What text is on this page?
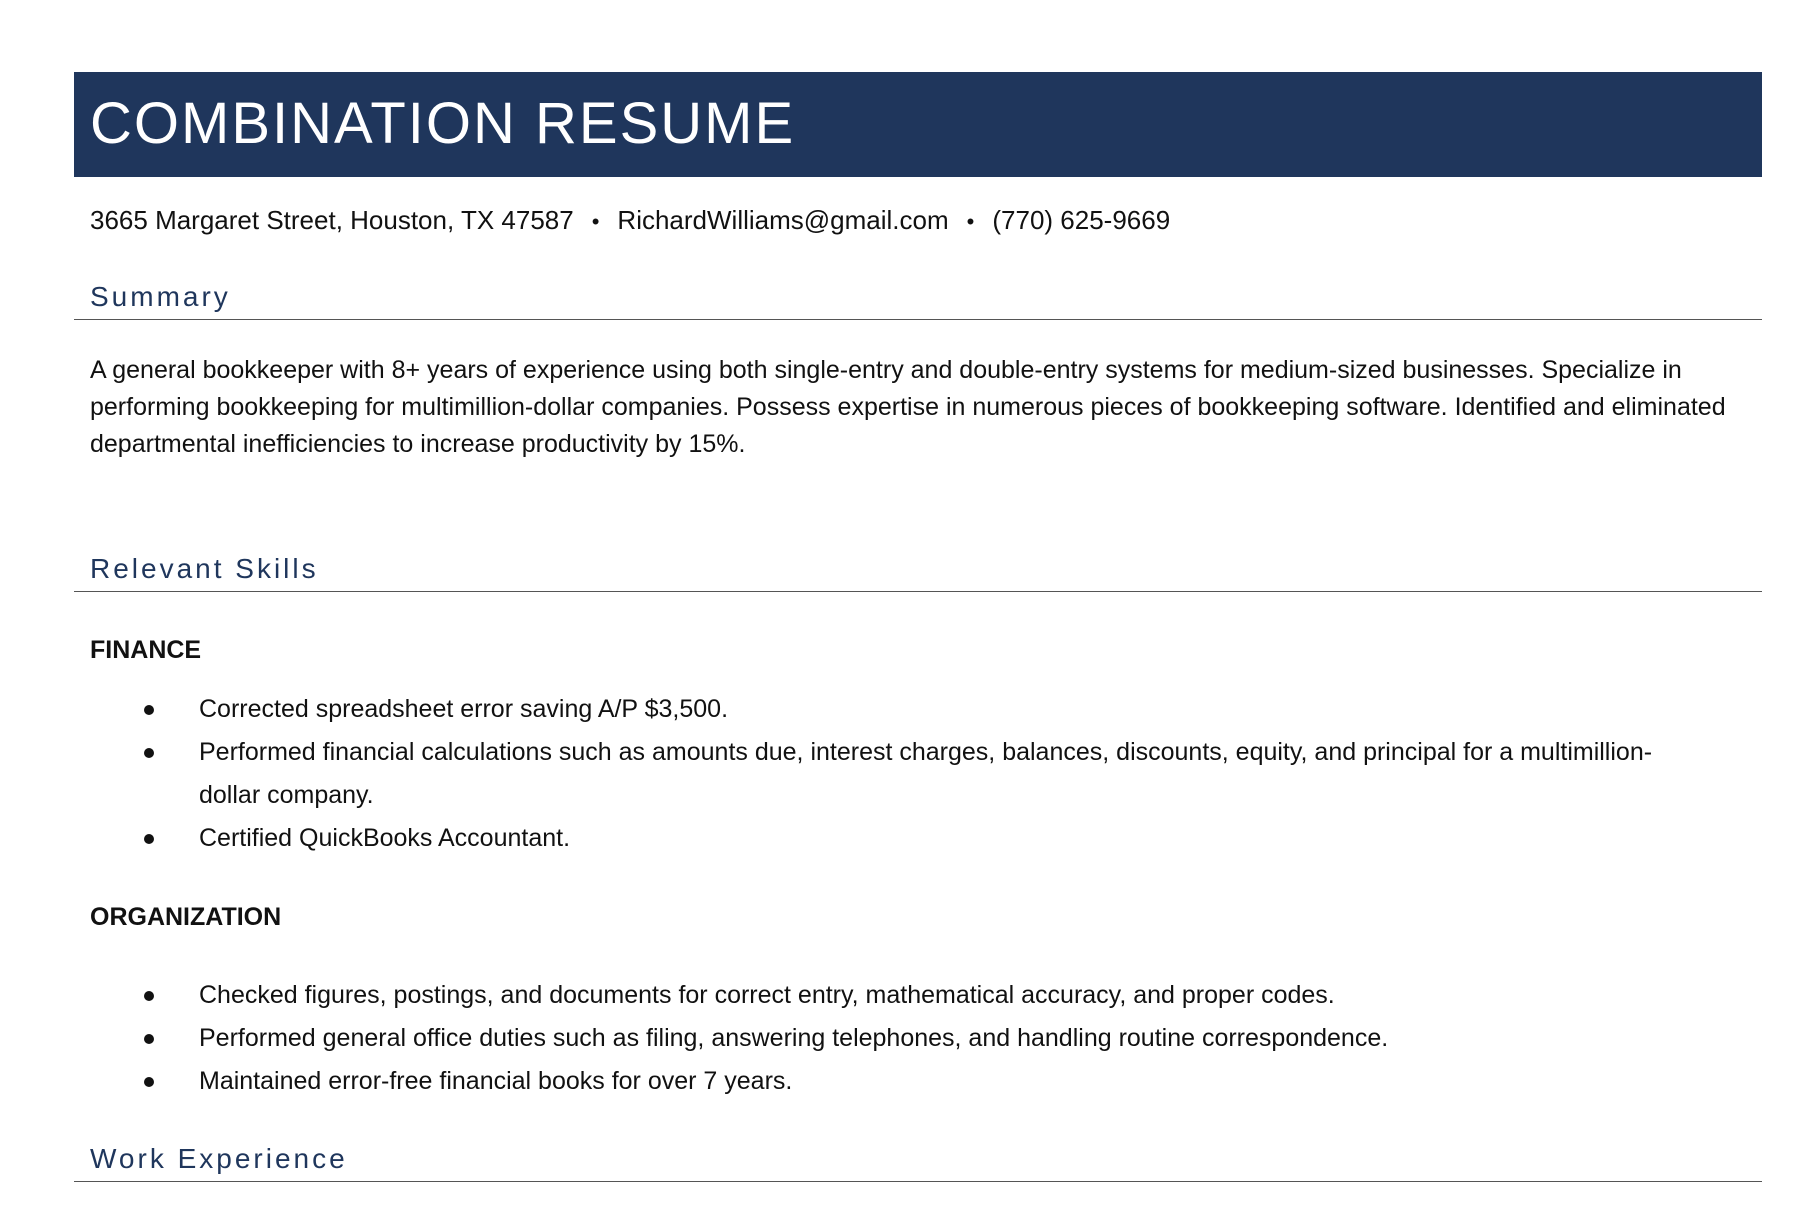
COMBINATION RESUME
3665 Margaret Street, Houston, TX 47587 • RichardWilliams@gmail.com • (770) 625-9669
Summary

A general bookkeeper with 8+ years of experience using both single-entry and double-entry systems for medium-sized businesses. Specialize in performing bookkeeping for multimillion-dollar companies. Possess expertise in numerous pieces of bookkeeping software. Identified and eliminated departmental inefficiencies to increase productivity by 15%.

Relevant Skills

FINANCE

Corrected spreadsheet error saving A/P $3,500.
Performed financial calculations such as amounts due, interest charges, balances, discounts, equity, and principal for a multimillion-dollar company.
Certified QuickBooks Accountant.

ORGANIZATION

Checked figures, postings, and documents for correct entry, mathematical accuracy, and proper codes.
Performed general office duties such as filing, answering telephones, and handling routine correspondence.
Maintained error-free financial books for over 7 years.
Work Experience
